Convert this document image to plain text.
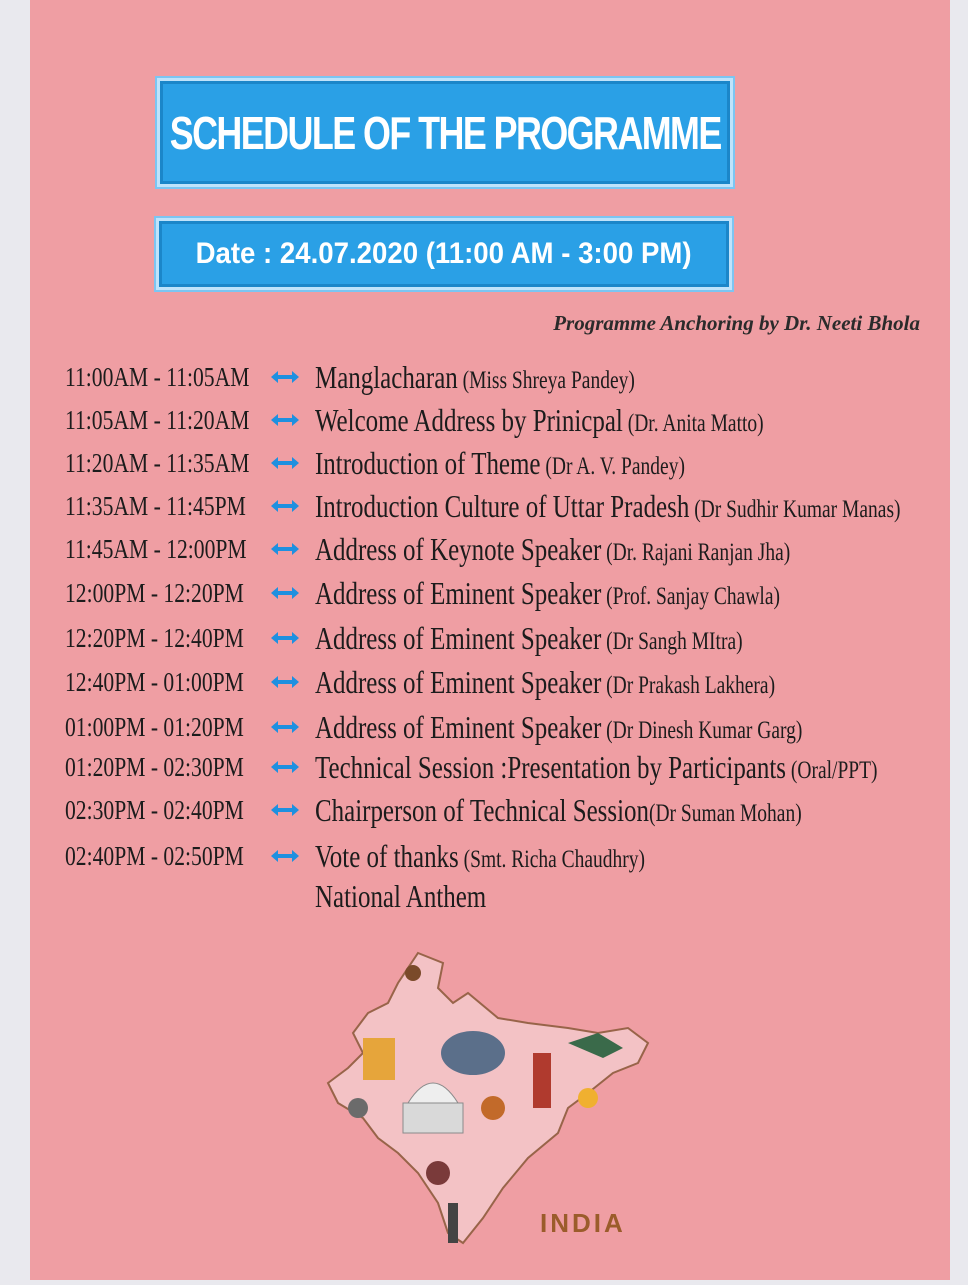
SCHEDULE OF THE PROGRAMME
Date : 24.07.2020 (11:00 AM - 3:00 PM)
Programme Anchoring by Dr. Neeti Bhola
11:00AM - 11:05AM Manglacharan (Miss Shreya Pandey)
11:05AM - 11:20AM Welcome Address by Prinicpal (Dr. Anita Matto)
11:20AM - 11:35AM Introduction of Theme (Dr A. V. Pandey)
11:35AM - 11:45PM Introduction Culture of Uttar Pradesh (Dr Sudhir Kumar Manas)
11:45AM - 12:00PM Address of Keynote Speaker (Dr. Rajani Ranjan Jha)
12:00PM - 12:20PM Address of Eminent Speaker (Prof. Sanjay Chawla)
12:20PM - 12:40PM Address of Eminent Speaker (Dr Sangh MItra)
12:40PM - 01:00PM Address of Eminent Speaker (Dr Prakash Lakhera)
01:00PM - 01:20PM Address of Eminent Speaker (Dr Dinesh Kumar Garg)
01:20PM - 02:30PM Technical Session :Presentation by Participants (Oral/PPT)
02:30PM - 02:40PM Chairperson of Technical Session(Dr Suman Mohan)
02:40PM - 02:50PM Vote of thanks (Smt. Richa Chaudhry)
National Anthem
INDIA
